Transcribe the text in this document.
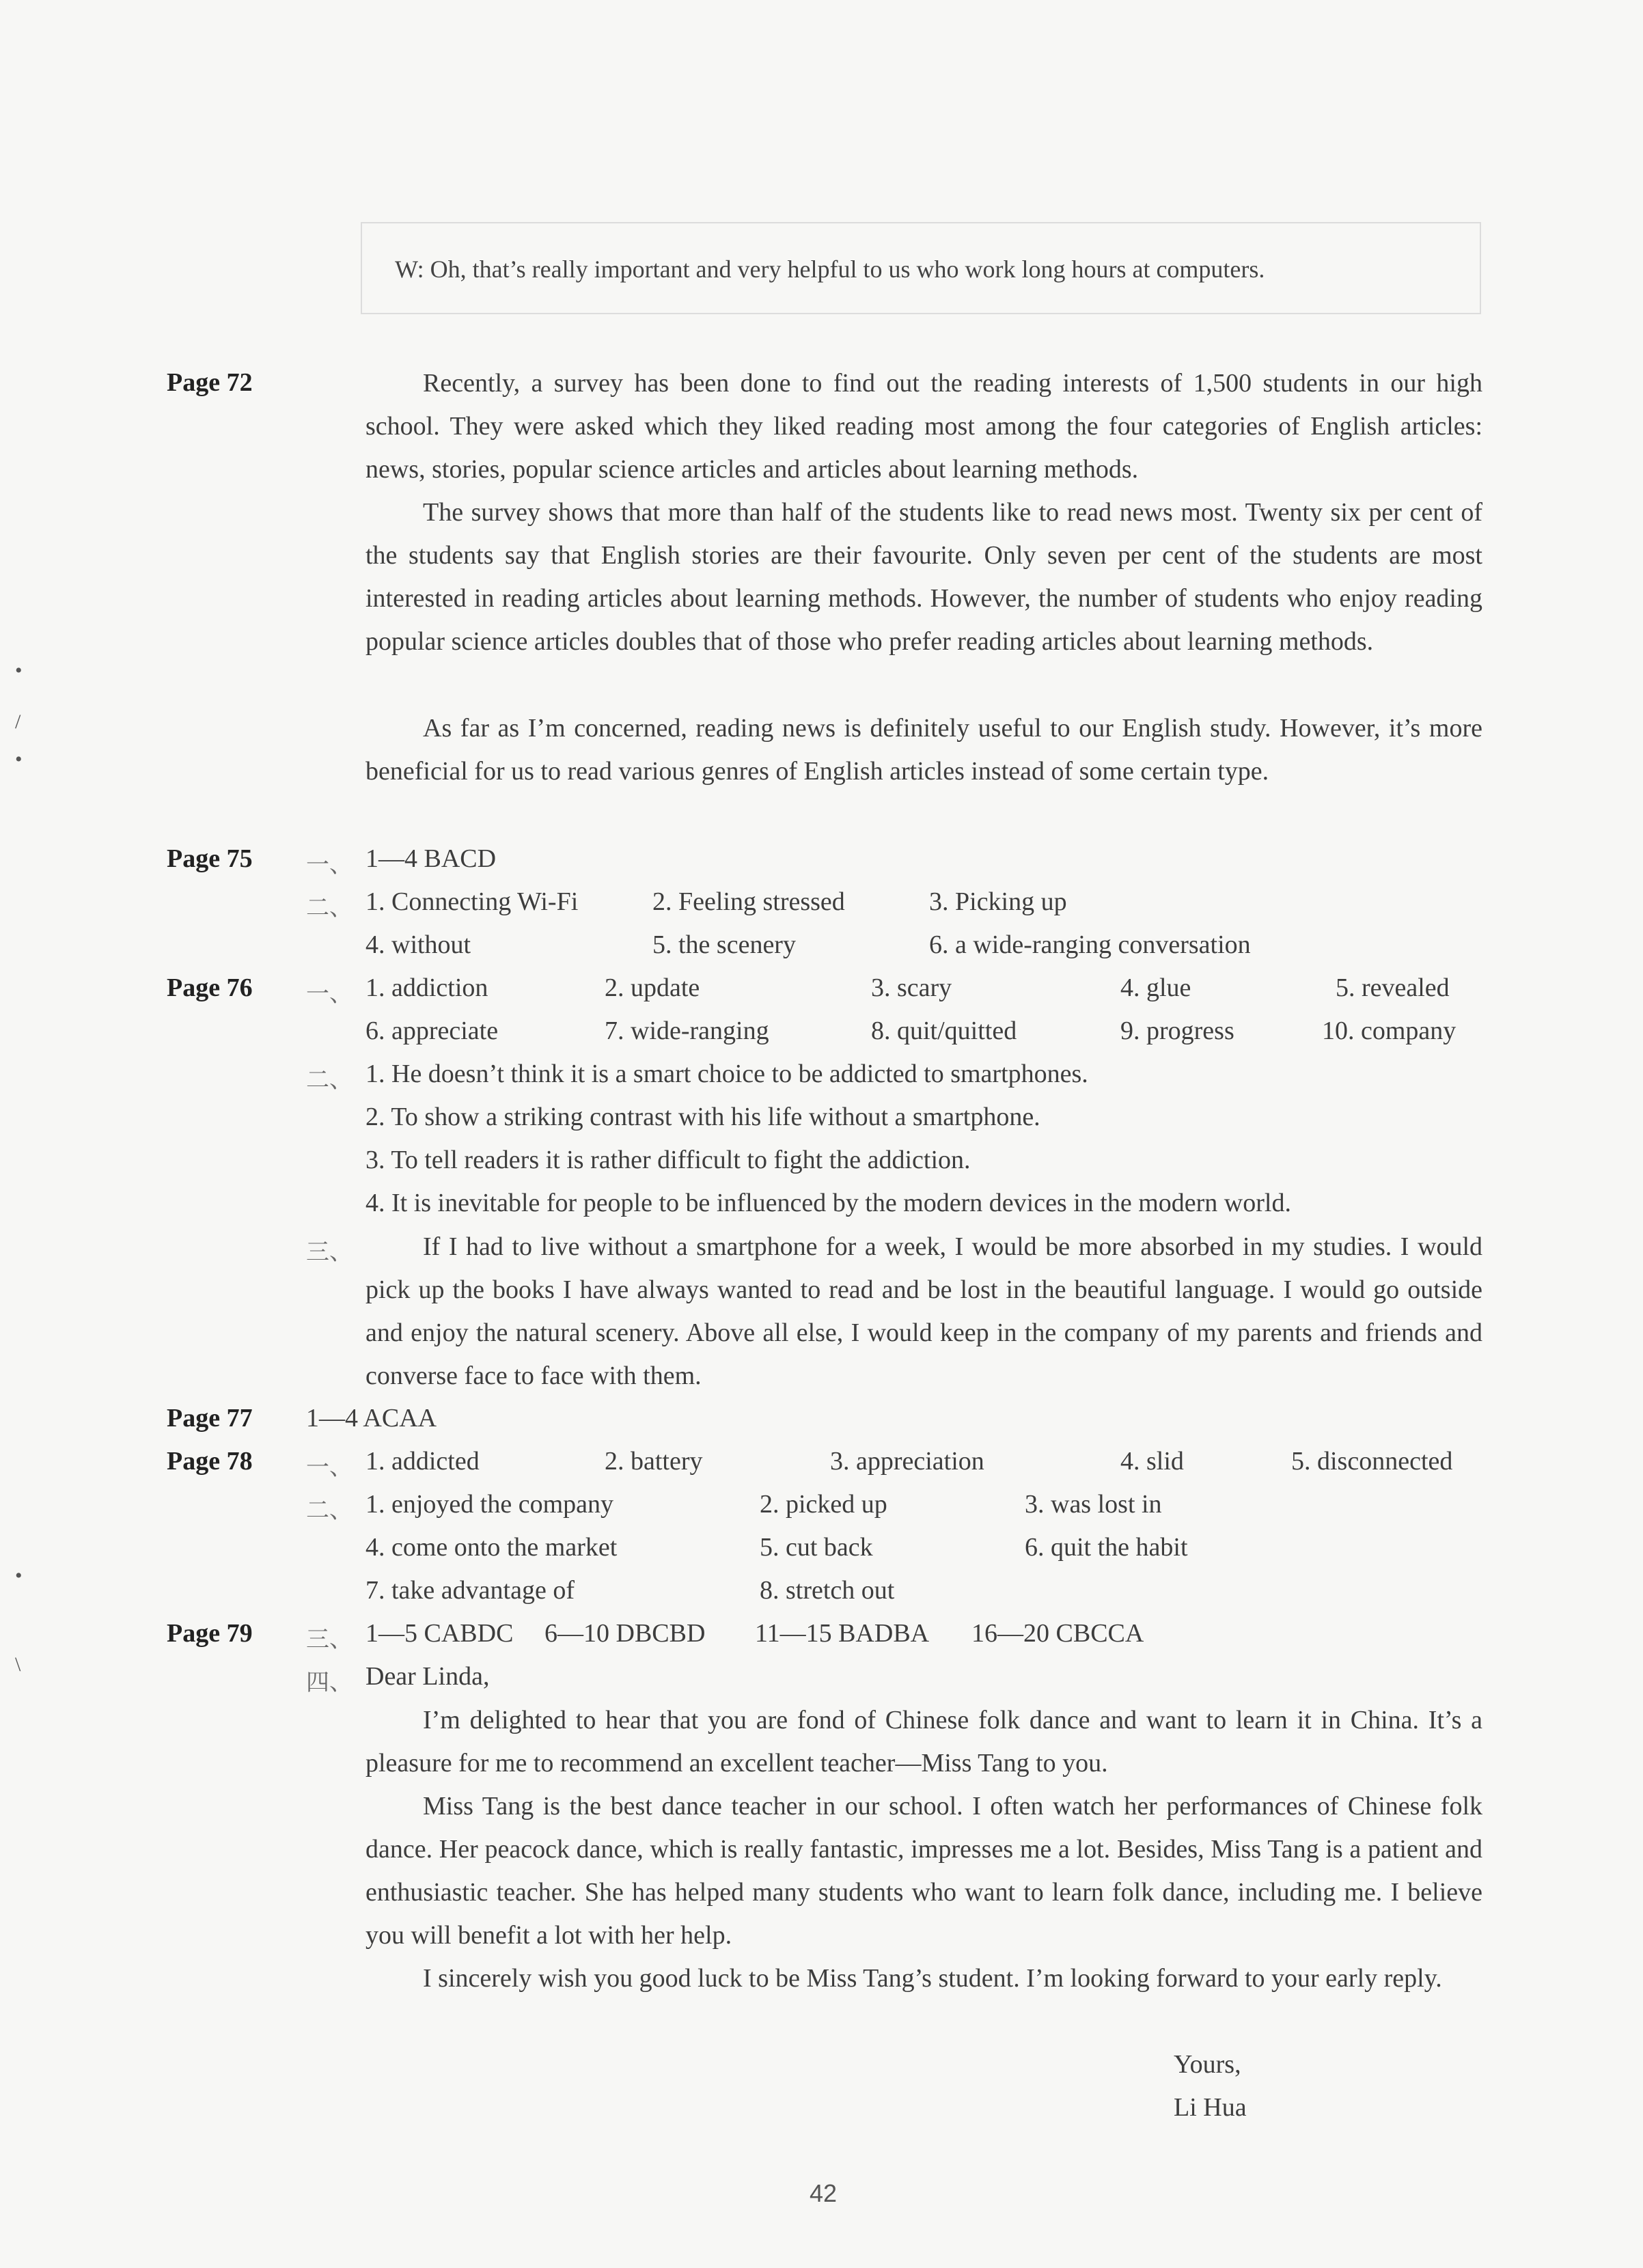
•
/
•
•
\
W: Oh, that’s really important and very helpful to us who work long hours at computers.
Page 72	Recently, a survey has been done to find out the reading interests of 1,500 students in our high school. They were asked which they liked reading most among the four categories of English articles: news, stories, popular science articles and articles about learning methods.
The survey shows that more than half of the students like to read news most. Twenty six per cent of the students say that English stories are their favourite. Only seven per cent of the students are most interested in reading articles about learning methods. However, the number of students who enjoy reading popular science articles doubles that of those who prefer reading articles about learning methods.
As far as I’m concerned, reading news is definitely useful to our English study. However, it’s more beneficial for us to read various genres of English articles instead of some certain type.
Page 75 一、 1—4 BACD
二、 1. Connecting Wi-Fi	2. Feeling stressed	3. Picking up
4. without	5. the scenery	6. a wide-ranging conversation
Page 76 一、 1. addiction	2. update	3. scary	4. glue	5. revealed
6. appreciate	7. wide-ranging	8. quit/quitted	9. progress	10. company
二、 1. He doesn’t think it is a smart choice to be addicted to smartphones.
2. To show a striking contrast with his life without a smartphone.
3. To tell readers it is rather difficult to fight the addiction.
4. It is inevitable for people to be influenced by the modern devices in the modern world.
三、	If I had to live without a smartphone for a week, I would be more absorbed in my studies. I would pick up the books I have always wanted to read and be lost in the beautiful language. I would go outside and enjoy the natural scenery. Above all else, I would keep in the company of my parents and friends and converse face to face with them.
Page 77 1—4 ACAA
Page 78 一、 1. addicted	2. battery	3. appreciation	4. slid	5. disconnected
二、 1. enjoyed the company	2. picked up	3. was lost in
4. come onto the market	5. cut back	6. quit the habit
7. take advantage of	8. stretch out
Page 79 三、 1—5 CABDC 6—10 DBCBD 11—15 BADBA 16—20 CBCCA
四、 Dear Linda,
I’m delighted to hear that you are fond of Chinese folk dance and want to learn it in China. It’s a pleasure for me to recommend an excellent teacher—Miss Tang to you.
Miss Tang is the best dance teacher in our school. I often watch her performances of Chinese folk dance. Her peacock dance, which is really fantastic, impresses me a lot. Besides, Miss Tang is a patient and enthusiastic teacher. She has helped many students who want to learn folk dance, including me. I believe you will benefit a lot with her help.
I sincerely wish you good luck to be Miss Tang’s student. I’m looking forward to your early reply.
Yours,
Li Hua
42
